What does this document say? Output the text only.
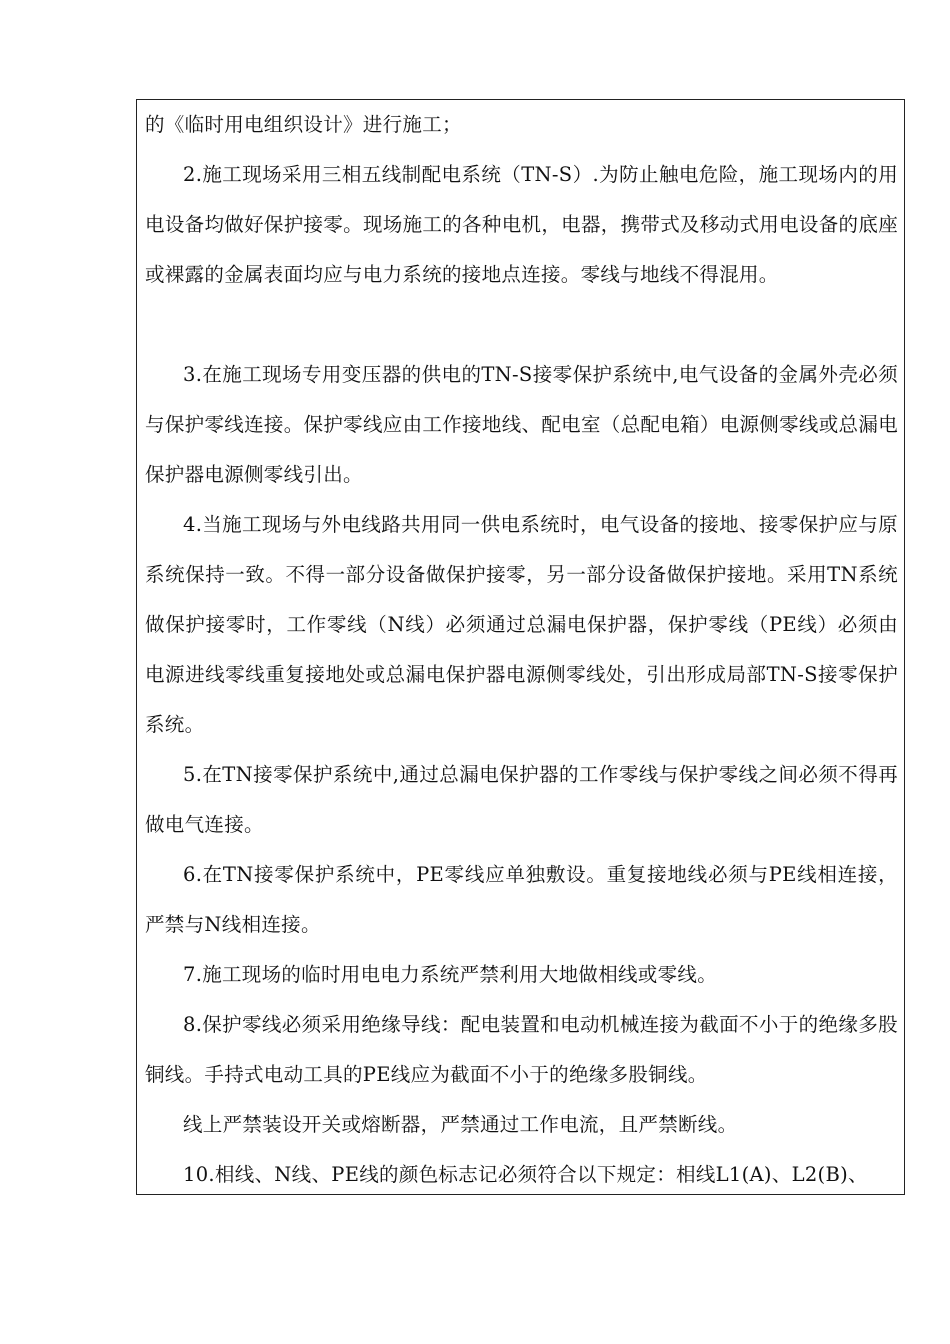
的《临时用电组织设计》进行施工；

2.施工现场采用三相五线制配电系统（TN-S）.为防止触电危险，施工现场内的用电设备均做好保护接零。现场施工的各种电机，电器，携带式及移动式用电设备的底座或裸露的金属表面均应与电力系统的接地点连接。零线与地线不得混用。

3.在施工现场专用变压器的供电的TN-S接零保护系统中,电气设备的金属外壳必须与保护零线连接。保护零线应由工作接地线、配电室（总配电箱）电源侧零线或总漏电保护器电源侧零线引出。

4.当施工现场与外电线路共用同一供电系统时，电气设备的接地、接零保护应与原系统保持一致。不得一部分设备做保护接零，另一部分设备做保护接地。采用TN系统做保护接零时，工作零线（N线）必须通过总漏电保护器，保护零线（PE线）必须由电源进线零线重复接地处或总漏电保护器电源侧零线处，引出形成局部TN-S接零保护系统。

5.在TN接零保护系统中,通过总漏电保护器的工作零线与保护零线之间必须不得再做电气连接。

6.在TN接零保护系统中，PE零线应单独敷设。重复接地线必须与PE线相连接，严禁与N线相连接。

7.施工现场的临时用电电力系统严禁利用大地做相线或零线。

8.保护零线必须采用绝缘导线：配电装置和电动机械连接为截面不小于的绝缘多股铜线。手持式电动工具的PE线应为截面不小于的绝缘多股铜线。

线上严禁装设开关或熔断器，严禁通过工作电流，且严禁断线。

10.相线、N线、PE线的颜色标志记必须符合以下规定：相线L1(A)、L2(B)、
